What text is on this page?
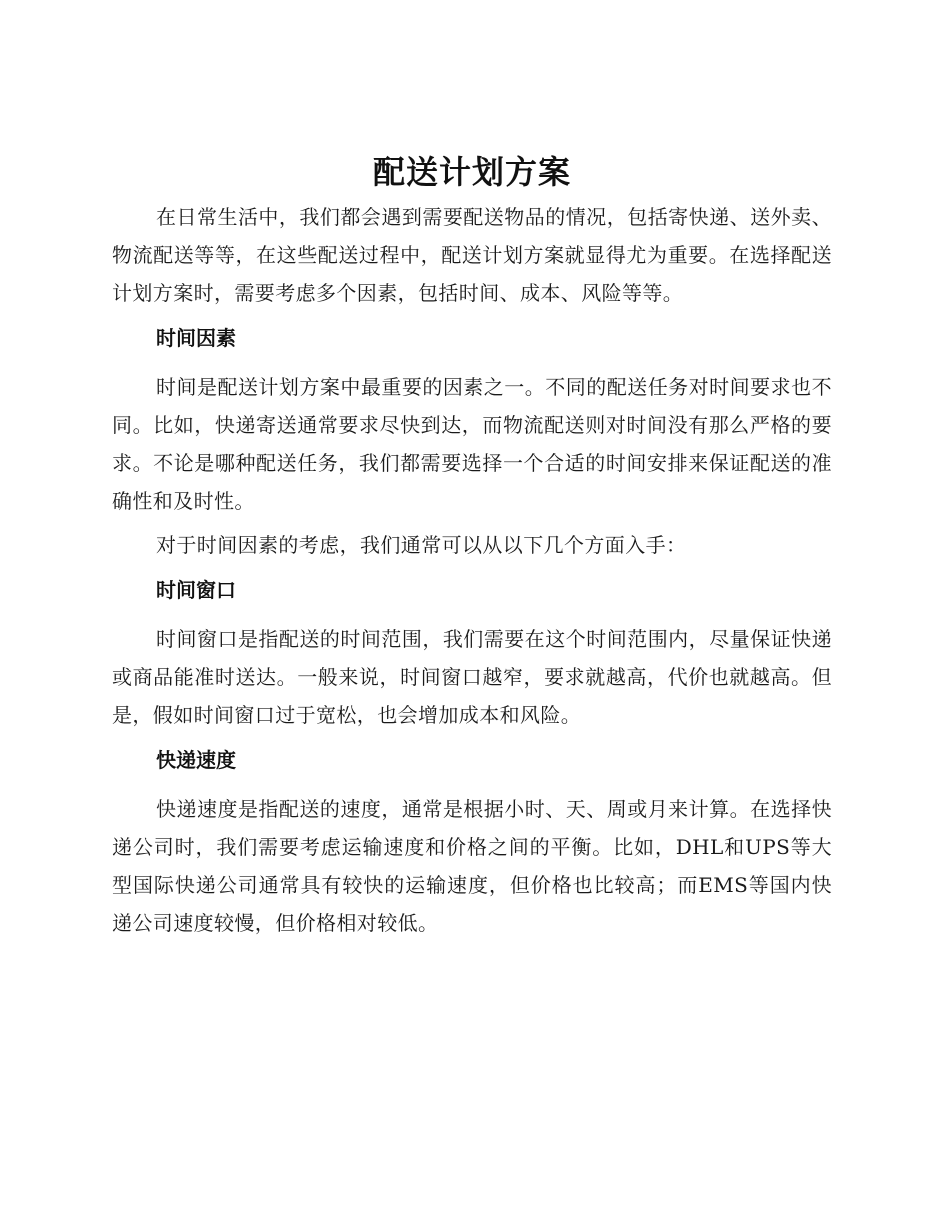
配送计划方案

在日常生活中，我们都会遇到需要配送物品的情况，包括寄快递、送外卖、物流配送等等，在这些配送过程中，配送计划方案就显得尤为重要。在选择配送计划方案时，需要考虑多个因素，包括时间、成本、风险等等。

时间因素

时间是配送计划方案中最重要的因素之一。不同的配送任务对时间要求也不同。比如，快递寄送通常要求尽快到达，而物流配送则对时间没有那么严格的要求。不论是哪种配送任务，我们都需要选择一个合适的时间安排来保证配送的准确性和及时性。

对于时间因素的考虑，我们通常可以从以下几个方面入手：

时间窗口

时间窗口是指配送的时间范围，我们需要在这个时间范围内，尽量保证快递或商品能准时送达。一般来说，时间窗口越窄，要求就越高，代价也就越高。但是，假如时间窗口过于宽松，也会增加成本和风险。

快递速度

快递速度是指配送的速度，通常是根据小时、天、周或月来计算。在选择快递公司时，我们需要考虑运输速度和价格之间的平衡。比如，DHL和UPS等大型国际快递公司通常具有较快的运输速度，但价格也比较高；而EMS等国内快递公司速度较慢，但价格相对较低。
